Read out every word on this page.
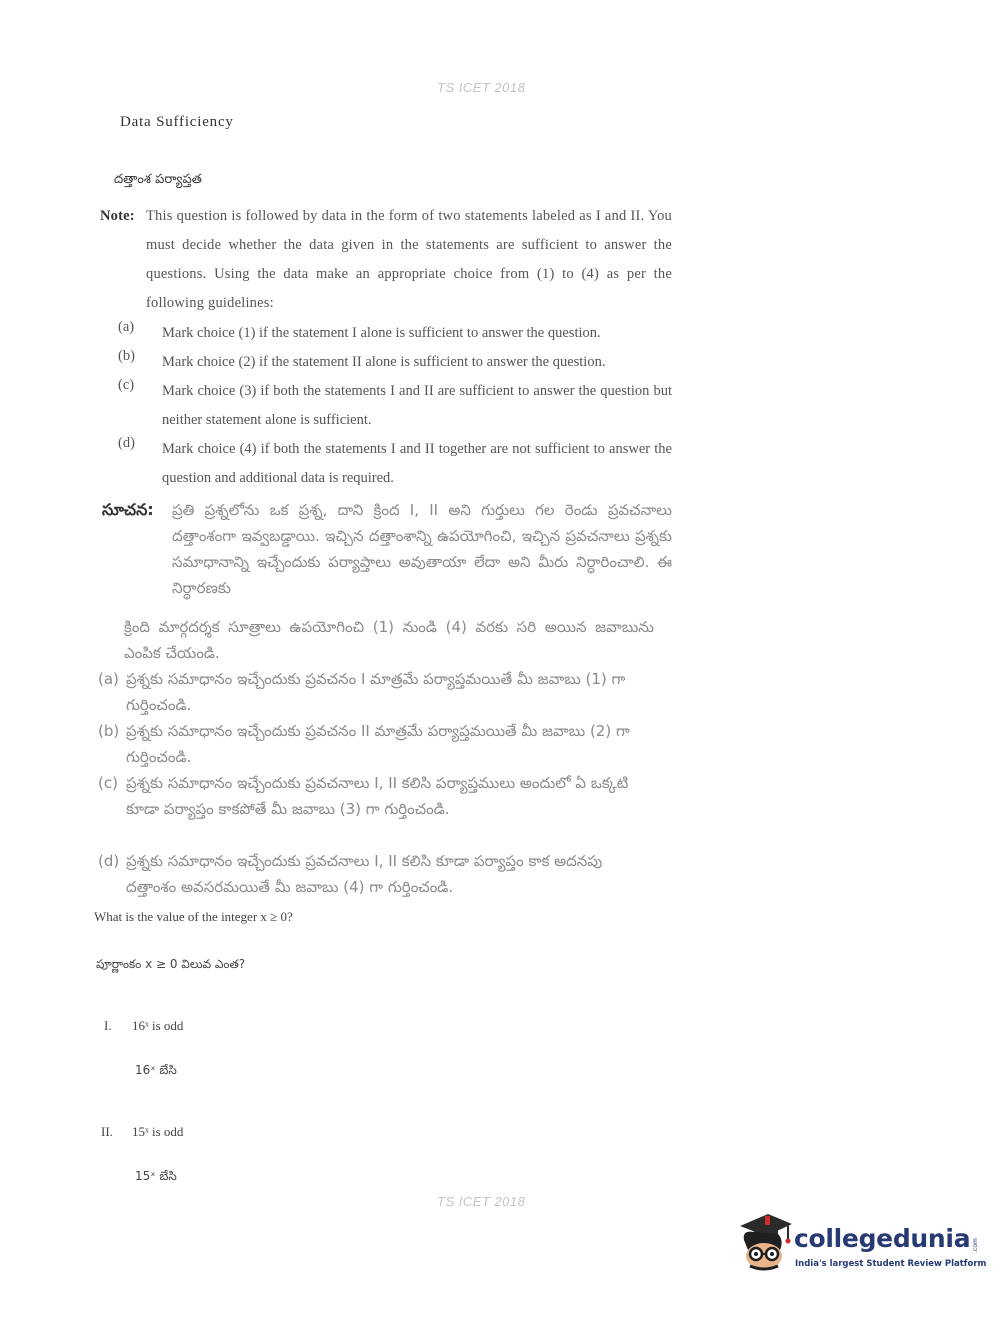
TS ICET 2018
Data Sufficiency
దత్తాంశ పర్యాప్తత
Note: This question is followed by data in the form of two statements labeled as I and II. You must decide whether the data given in the statements are sufficient to answer the questions. Using the data make an appropriate choice from (1) to (4) as per the following guidelines:
(a) Mark choice (1) if the statement I alone is sufficient to answer the question.
(b) Mark choice (2) if the statement II alone is sufficient to answer the question.
(c) Mark choice (3) if both the statements I and II are sufficient to answer the question but neither statement alone is sufficient.
(d) Mark choice (4) if both the statements I and II together are not sufficient to answer the question and additional data is required.
సూచన: ప్రతి ప్రశ్నలోను ఒక ప్రశ్న, దాని క్రింద I, II అని గుర్తులు గల రెండు ప్రవచనాలు దత్తాంశంగా ఇవ్వబడ్డాయి. ఇచ్చిన దత్తాంశాన్ని ఉపయోగించి, ఇచ్చిన ప్రవచనాలు ప్రశ్నకు సమాధానాన్ని ఇచ్చేందుకు పర్యాప్తాలు అవుతాయా లేదా అని మీరు నిర్ధారించాలి. ఈ నిర్ధారణకు
క్రింది మార్గదర్శక సూత్రాలు ఉపయోగించి (1) నుండి (4) వరకు సరి అయిన జవాబును ఎంపిక చేయండి.
(a) ప్రశ్నకు సమాధానం ఇచ్చేందుకు ప్రవచనం I మాత్రమే పర్యాప్తమయితే మీ జవాబు (1) గా గుర్తించండి.
(b) ప్రశ్నకు సమాధానం ఇచ్చేందుకు ప్రవచనం II మాత్రమే పర్యాప్తమయితే మీ జవాబు (2) గా గుర్తించండి.
(c) ప్రశ్నకు సమాధానం ఇచ్చేందుకు ప్రవచనాలు I, II కలిసి పర్యాప్తములు అందులో ఏ ఒక్కటి కూడా పర్యాప్తం కాకపోతే మీ జవాబు (3) గా గుర్తించండి.
(d) ప్రశ్నకు సమాధానం ఇచ్చేందుకు ప్రవచనాలు I, II కలిసి కూడా పర్యాప్తం కాక అదనపు దత్తాంశం అవసరమయితే మీ జవాబు (4) గా గుర్తించండి.
What is the value of the integer x ≥ 0?
పూర్ణాంకం x ≥ 0 విలువ ఎంత?
I. 16ˣ is odd
16ˣ బేసి
II. 15ˣ is odd
15ˣ బేసి
TS ICET 2018
collegedunia .com
India's largest Student Review Platform
